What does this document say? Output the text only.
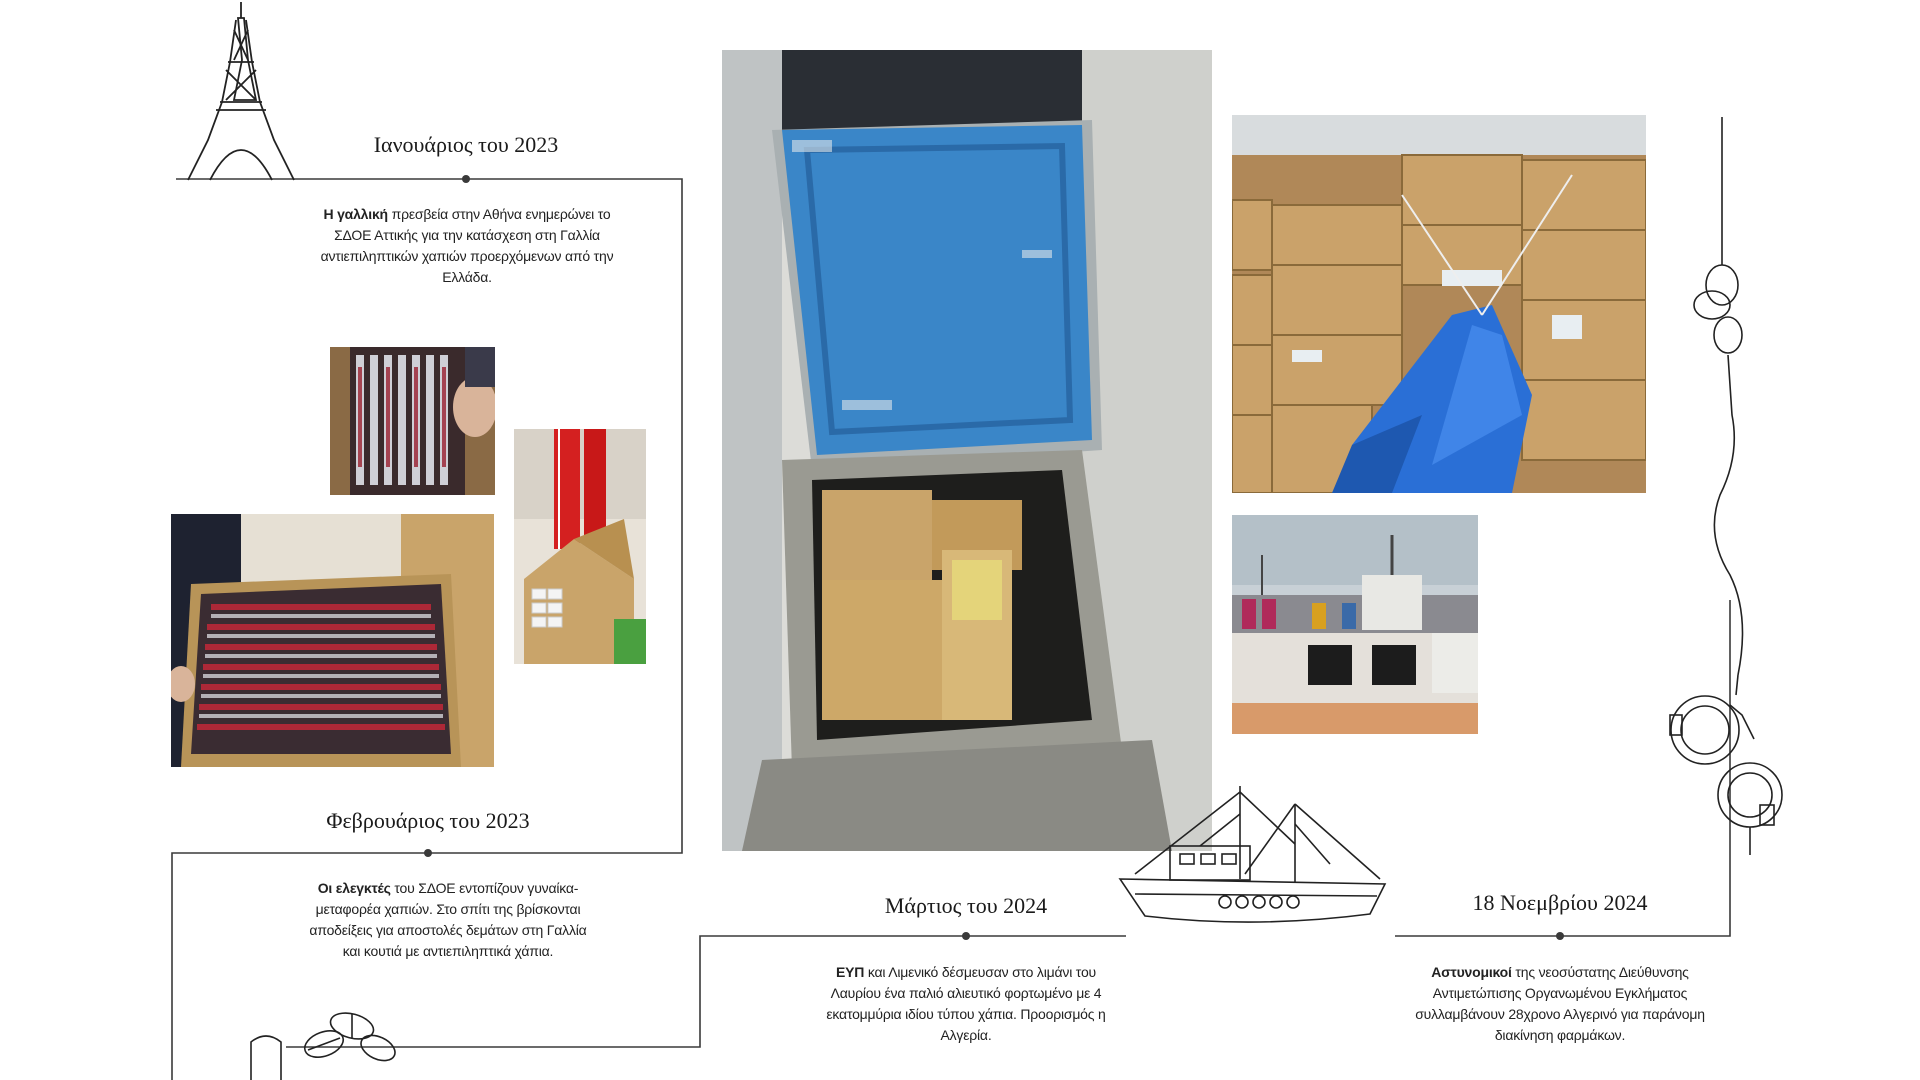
Ιανουάριος του 2023
Η γαλλική πρεσβεία στην Αθήνα ενημερώνει το ΣΔΟΕ Αττικής για την κατάσχεση στη Γαλλία αντιεπιληπτικών χαπιών προερχόμενων από την Ελλάδα.
Φεβρουάριος του 2023
Οι ελεγκτές του ΣΔΟΕ εντοπίζουν γυναίκα-μεταφορέα χαπιών. Στο σπίτι της βρίσκονται αποδείξεις για αποστολές δεμάτων στη Γαλλία και κουτιά με αντιεπιληπτικά χάπια.
Μάρτιος του 2024
ΕΥΠ και Λιμενικό δέσμευσαν στο λιμάνι του Λαυρίου ένα παλιό αλιευτικό φορτωμένο με 4 εκατομμύρια ιδίου τύπου χάπια. Προορισμός η Αλγερία.
18 Νοεμβρίου 2024
Αστυνομικοί της νεοσύστατης Διεύθυνσης Αντιμετώπισης Οργανωμένου Εγκλήματος συλλαμβάνουν 28χρονο Αλγερινό για παράνομη διακίνηση φαρμάκων.
